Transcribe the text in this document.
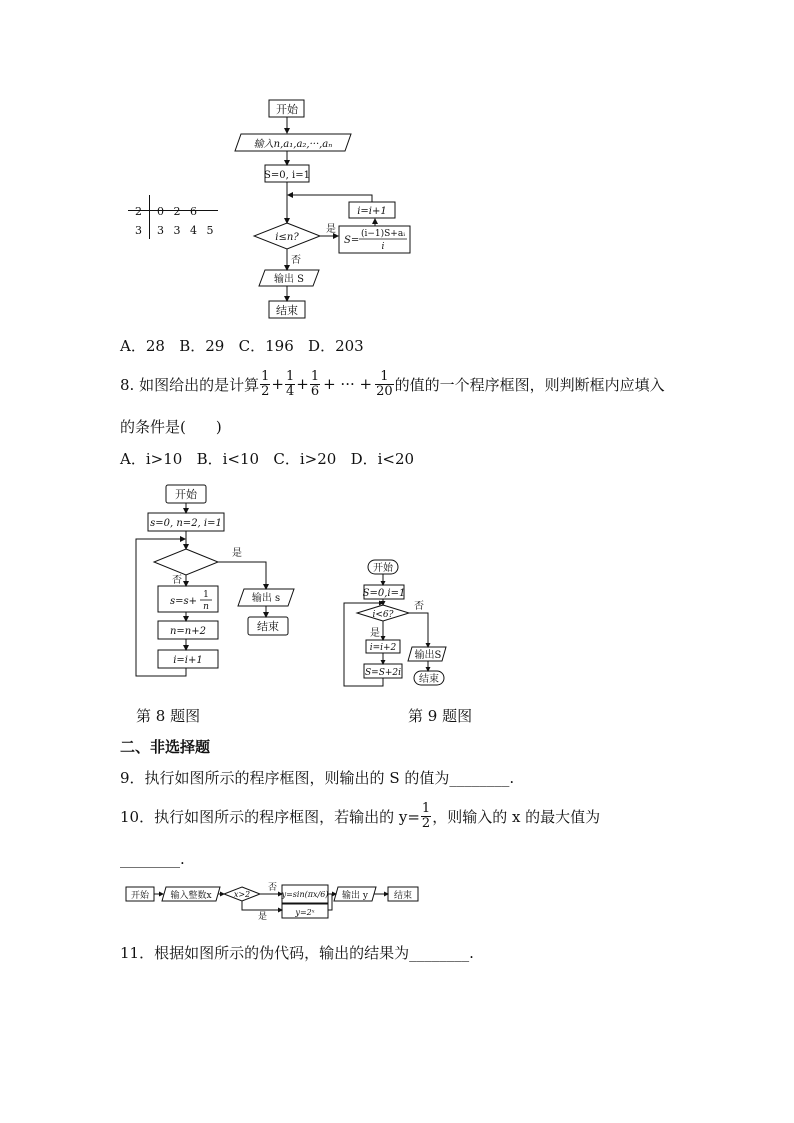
2 0 2 6
3 3 3 4 5
开始
输入n,a₁,a₂,···,aₙ
S=0, i=1
i≤n?
是
否
i=i+1
S=
(i−1)S+aᵢ
i
输出 S
结束
A．28   B．29   C．196   D．203
8. 如图给出的是计算 $\frac{1}{2} + \frac{1}{4} + \frac{1}{6}$ + ··· + $\frac{1}{20}$ 的值的一个程序框图，则判断框内应填入
的条件是(　　)
A．i>10   B．i<10   C．i>20   D．i<20
开始
s=0, n=2, i=1
是
否
s=s+
1
n
n=n+2
i=i+1
输出 s
结束
开始
S=0,i=1
i<6?
否
是
i=i+2
S=S+2i
输出S
结束
第 8 题图	第 9 题图
二、非选择题
9．执行如图所示的程序框图，则输出的 S 的值为________.
10．执行如图所示的程序框图，若输出的 $y= \frac{1}{2}$ ，则输入的 x 的最大值为
________.
开始 输入整数x	x>2
否
是
y=sin(πx/6)
y=2ˣ
输出 y	结束
11．根据如图所示的伪代码，输出的结果为________.
